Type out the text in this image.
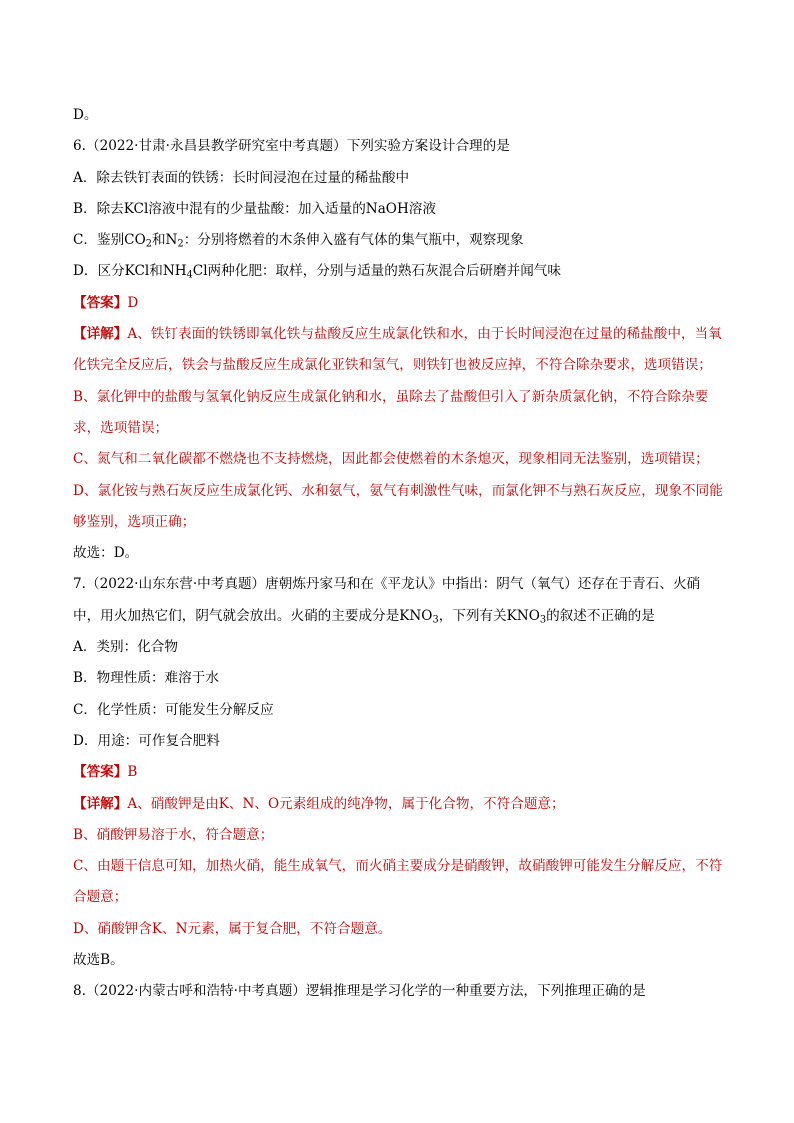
D。
6.（2022·甘肃·永昌县教学研究室中考真题）下列实验方案设计合理的是
A．除去铁钉表面的铁锈：长时间浸泡在过量的稀盐酸中
B．除去KCl溶液中混有的少量盐酸：加入适量的NaOH溶液
C．鉴别$CO_2$和$N_2$：分别将燃着的木条伸入盛有气体的集气瓶中，观察现象
D．区分KCl和$NH_4Cl$两种化肥：取样，分别与适量的熟石灰混合后研磨并闻气味
【答案】D
【详解】A、铁钉表面的铁锈即氧化铁与盐酸反应生成氯化铁和水，由于长时间浸泡在过量的稀盐酸中，当氧化铁完全反应后，铁会与盐酸反应生成氯化亚铁和氢气，则铁钉也被反应掉，不符合除杂要求，选项错误；
B、氯化钾中的盐酸与氢氧化钠反应生成氯化钠和水，虽除去了盐酸但引入了新杂质氯化钠，不符合除杂要求，选项错误；
C、氮气和二氧化碳都不燃烧也不支持燃烧，因此都会使燃着的木条熄灭，现象相同无法鉴别，选项错误；
D、氯化铵与熟石灰反应生成氯化钙、水和氨气，氨气有刺激性气味，而氯化钾不与熟石灰反应，现象不同能够鉴别，选项正确；
故选：D。
7.（2022·山东东营·中考真题）唐朝炼丹家马和在《平龙认》中指出：阴气（氧气）还存在于青石、火硝中，用火加热它们，阴气就会放出。火硝的主要成分是$KNO_3$，下列有关$KNO_3$的叙述不正确的是
A．类别：化合物
B．物理性质：难溶于水
C．化学性质：可能发生分解反应
D．用途：可作复合肥料
【答案】B
【详解】A、硝酸钾是由K、N、O元素组成的纯净物，属于化合物，不符合题意；
B、硝酸钾易溶于水，符合题意；
C、由题干信息可知，加热火硝，能生成氧气，而火硝主要成分是硝酸钾，故硝酸钾可能发生分解反应，不符合题意；
D、硝酸钾含K、N元素，属于复合肥，不符合题意。
故选B。
8.（2022·内蒙古呼和浩特·中考真题）逻辑推理是学习化学的一种重要方法，下列推理正确的是
